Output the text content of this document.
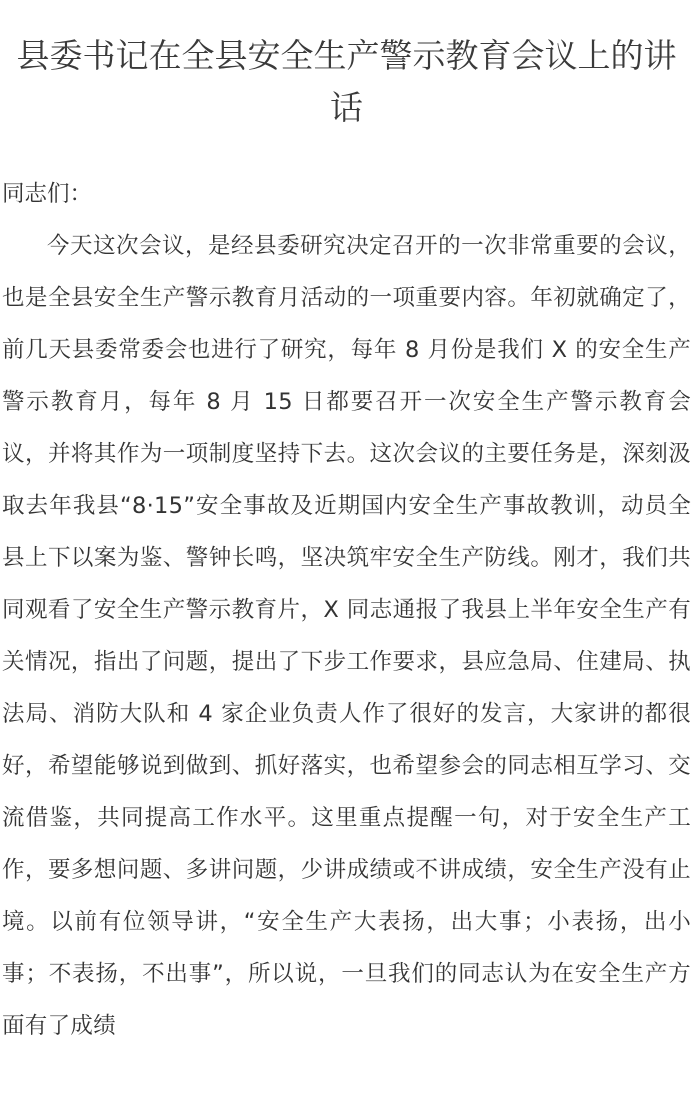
县委书记在全县安全生产警示教育会议上的讲话

同志们：

今天这次会议，是经县委研究决定召开的一次非常重要的会议，也是全县安全生产警示教育月活动的一项重要内容。年初就确定了，前几天县委常委会也进行了研究，每年 8 月份是我们 X 的安全生产警示教育月，每年 8 月 15 日都要召开一次安全生产警示教育会议，并将其作为一项制度坚持下去。这次会议的主要任务是，深刻汲取去年我县“8·15”安全事故及近期国内安全生产事故教训，动员全县上下以案为鉴、警钟长鸣，坚决筑牢安全生产防线。刚才，我们共同观看了安全生产警示教育片，X 同志通报了我县上半年安全生产有关情况，指出了问题，提出了下步工作要求，县应急局、住建局、执法局、消防大队和 4 家企业负责人作了很好的发言，大家讲的都很好，希望能够说到做到、抓好落实，也希望参会的同志相互学习、交流借鉴，共同提高工作水平。这里重点提醒一句，对于安全生产工作，要多想问题、多讲问题，少讲成绩或不讲成绩，安全生产没有止境。以前有位领导讲，“安全生产大表扬，出大事；小表扬，出小事；不表扬，不出事”，所以说，一旦我们的同志认为在安全生产方面有了成绩
